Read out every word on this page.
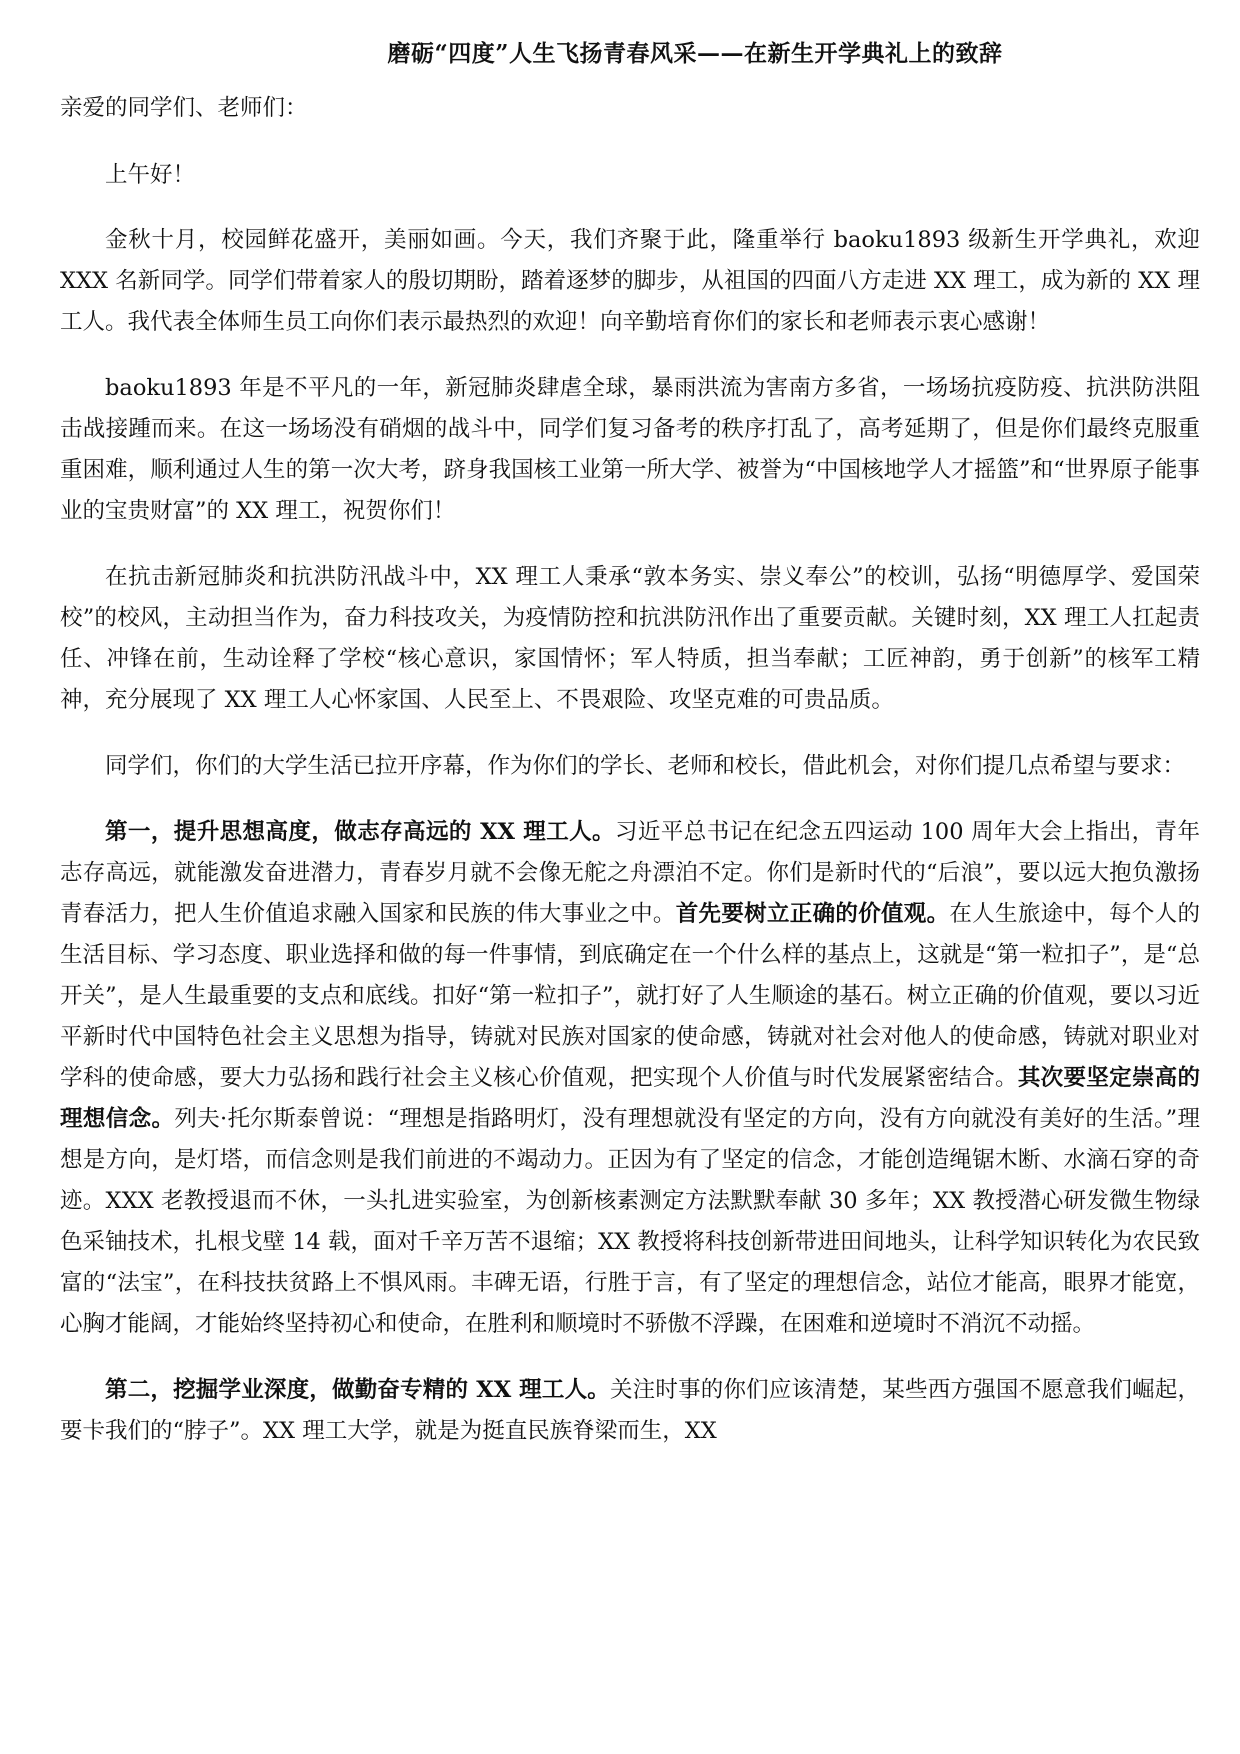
磨砺“四度”人生飞扬青春风采——在新生开学典礼上的致辞
亲爱的同学们、老师们：

上午好！

金秋十月，校园鲜花盛开，美丽如画。今天，我们齐聚于此，隆重举行 baoku1893 级新生开学典礼，欢迎 XXX 名新同学。同学们带着家人的殷切期盼，踏着逐梦的脚步，从祖国的四面八方走进 XX 理工，成为新的 XX 理工人。我代表全体师生员工向你们表示最热烈的欢迎！向辛勤培育你们的家长和老师表示衷心感谢！

baoku1893 年是不平凡的一年，新冠肺炎肆虐全球，暴雨洪流为害南方多省，一场场抗疫防疫、抗洪防洪阻击战接踵而来。在这一场场没有硝烟的战斗中，同学们复习备考的秩序打乱了，高考延期了，但是你们最终克服重重困难，顺利通过人生的第一次大考，跻身我国核工业第一所大学、被誉为“中国核地学人才摇篮”和“世界原子能事业的宝贵财富”的 XX 理工，祝贺你们！

在抗击新冠肺炎和抗洪防汛战斗中，XX 理工人秉承“敦本务实、崇义奉公”的校训，弘扬“明德厚学、爱国荣校”的校风，主动担当作为，奋力科技攻关，为疫情防控和抗洪防汛作出了重要贡献。关键时刻，XX 理工人扛起责任、冲锋在前，生动诠释了学校“核心意识，家国情怀；军人特质，担当奉献；工匠神韵，勇于创新”的核军工精神，充分展现了 XX 理工人心怀家国、人民至上、不畏艰险、攻坚克难的可贵品质。

同学们，你们的大学生活已拉开序幕，作为你们的学长、老师和校长，借此机会，对你们提几点希望与要求：

第一，提升思想高度，做志存高远的 XX 理工人。习近平总书记在纪念五四运动 100 周年大会上指出，青年志存高远，就能激发奋进潜力，青春岁月就不会像无舵之舟漂泊不定。你们是新时代的“后浪”，要以远大抱负激扬青春活力，把人生价值追求融入国家和民族的伟大事业之中。首先要树立正确的价值观。在人生旅途中，每个人的生活目标、学习态度、职业选择和做的每一件事情，到底确定在一个什么样的基点上，这就是“第一粒扣子”，是“总开关”，是人生最重要的支点和底线。扣好“第一粒扣子”，就打好了人生顺途的基石。树立正确的价值观，要以习近平新时代中国特色社会主义思想为指导，铸就对民族对国家的使命感，铸就对社会对他人的使命感，铸就对职业对学科的使命感，要大力弘扬和践行社会主义核心价值观，把实现个人价值与时代发展紧密结合。其次要坚定崇高的理想信念。列夫·托尔斯泰曾说：“理想是指路明灯，没有理想就没有坚定的方向，没有方向就没有美好的生活。”理想是方向，是灯塔，而信念则是我们前进的不竭动力。正因为有了坚定的信念，才能创造绳锯木断、水滴石穿的奇迹。XXX 老教授退而不休，一头扎进实验室，为创新核素测定方法默默奉献 30 多年；XX 教授潜心研发微生物绿色采铀技术，扎根戈壁 14 载，面对千辛万苦不退缩；XX 教授将科技创新带进田间地头，让科学知识转化为农民致富的“法宝”，在科技扶贫路上不惧风雨。丰碑无语，行胜于言，有了坚定的理想信念，站位才能高，眼界才能宽，心胸才能阔，才能始终坚持初心和使命，在胜利和顺境时不骄傲不浮躁，在困难和逆境时不消沉不动摇。

第二，挖掘学业深度，做勤奋专精的 XX 理工人。关注时事的你们应该清楚，某些西方强国不愿意我们崛起，要卡我们的“脖子”。XX 理工大学，就是为挺直民族脊梁而生，XX
